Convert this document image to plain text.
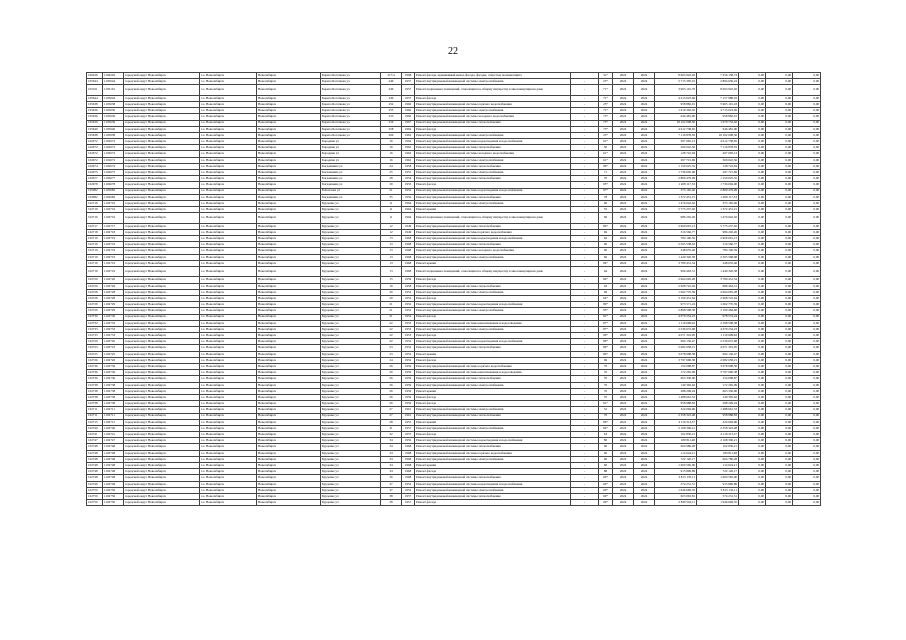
22
106226	1106226	городской округ Новосибирск	г.о. Новосибирск	Новосибирск	Бориса Богаткова ул	217/4	1998	Ремонт фасада, недвижимый выход фасада, фасады, отмостки, молниезащита		31*	2024	2024	8 663 922,02	7 256 138,73	0,00	0,00	0,00
105644	1105644	городской округ Новосибирск	г.о. Новосибирск	Новосибирск	Бориса Богаткова ул	249	1957	Ремонт внутридомовой инженерной системы электроснабжения	-	25*	2024	2024	5 715 395,91	2 894 636,24	0,00	0,00	0,00
105161	1105161	городской округ Новосибирск	г.о. Новосибирск	Новосибирск	Бориса Богаткова ул	249	1957	Ремонт подвальных помещений, относящихся к общему имуществу в многоквартирном доме	-	71*	2024	2024	3 963 191,79	8 663 922,02	0,00	0,00	0,00
105644	1105644	городской округ Новосибирск	г.о. Новосибирск	Новосибирск	Бориса Богаткова ул	249	1957	Ремонт фасада	-	71*	2024	2024	4 215 623,69	7 157 988,03	0,00	0,00	0,00
105638	1105638	городской округ Новосибирск	г.о. Новосибирск	Новосибирск	Бориса Богаткова ул	252	1960	Ремонт внутридомовой инженерной системы горячего водоснабжения	-	25*	2024	2024	958 882,91	5 965 191,18	0,00	0,00	0,00
105636	1105636	городской округ Новосибирск	г.о. Новосибирск	Новосибирск	Бориса Богаткова ул	253	1960	Ремонт внутридомовой инженерной системы электроснабжения	-	71*	2024	2024	1 619 302,02	4 715 623,69	0,00	0,00	0,00
105636	1105636	городской округ Новосибирск	г.о. Новосибирск	Новосибирск	Бориса Богаткова ул	253	1960	Ремонт внутридомовой инженерной системы холодного водоснабжения	-	73*	2024	2024	646 481,00	958 882,91	0,00	0,00	0,00
105639	1105639	городской округ Новосибирск	г.о. Новосибирск	Новосибирск	Бориса Богаткова ул	256	1967	Ремонт внутридомовой инженерной системы теплоснабжения	-	75*	2024	2024	18 162 008,56	1 079 732,02	0,00	0,00	0,00
105640	1105640	городской округ Новосибирск	г.о. Новосибирск	Новосибирск	Бориса Богаткова ул	258	1962	Ремонт фасада	-	73*	2024	2024	4 612 738,65	646 481,00	0,00	0,00	0,00
105638	1105638	городской округ Новосибирск	г.о. Новосибирск	Новосибирск	Бориса Богаткова ул	260	1962	Ремонт внутридомовой инженерной системы электроснабжения	-	25*	2024	2024	7 116 878,59	18 162 008,56	0,00	0,00	0,00
102672	1102672	городской округ Новосибирск	г.о. Новосибирск	Новосибирск	Бородина ул	16	1962	Ремонт внутридомовой инженерной системы водоотведения и водоснабжения	-	61*	2024	2024	297 665,13	4 612 738,65	0,00	0,00	0,00
102672	1102672	городской округ Новосибирск	г.о. Новосибирск	Новосибирск	Бородина ул	16	1962	Ремонт внутридомовой инженерной системы теплоснабжения	-	50	2024	2024	560 022,56	7 116 878,59	0,00	0,00	0,00
102672	1102672	городской округ Новосибирск	г.о. Новосибирск	Новосибирск	Бородина ул	16	1962	Ремонт внутридомовой инженерной системы холодного водоснабжения	-	61*	2024	2024	128 722,94	297 665,13	0,00	0,00	0,00
102672	1102672	городской округ Новосибирск	г.о. Новосибирск	Новосибирск	Бородина ул	16	1962	Ремонт внутридомовой инженерной системы электроснабжения	-	61*	2024	2024	297 715,69	560 022,56	0,00	0,00	0,00
102674	1102674	городской округ Новосибирск	г.о. Новосибирск	Новосибирск	Богдашкина ул	24	1958	Ремонт внутридомовой инженерной системы теплоснабжения	-	96*	2024	2024	1 150 625,55	128 722,94	0,00	0,00	0,00
102675	1102675	городской округ Новосибирск	г.о. Новосибирск	Новосибирск	Богдашкина ул	25	1955	Ремонт внутридомовой инженерной системы электроснабжения	-	71	2024	2024	1 736 005,00	297 715,69	0,00	0,00	0,00
102677	1102677	городской округ Новосибирск	г.о. Новосибирск	Новосибирск	Богдашкина ул	28	1954	Ремонт внутридомовой инженерной системы теплоснабжения	-	70	2024	2024	2 809 479,09	1 150 625,55	0,00	0,00	0,00
102678	1102678	городской округ Новосибирск	г.о. Новосибирск	Новосибирск	Богдашкина ул	30	1953	Ремонт фасада	-	95*	2024	2024	1 208 117,53	1 736 004,00	0,00	0,00	0,00
105082	1105082	городской округ Новосибирск	г.о. Новосибирск	Новосибирск	Бобохлова ул	21	1952	Ремонт внутридомовой инженерной системы водоотведения и водоснабжения	-	97*	2024	2024	373 165,46	2 809 479,09	0,00	0,00	0,00
102682	1102682	городской округ Новосибирск	г.о. Новосибирск	Новосибирск	Богдашкина ул	35	1950	Ремонт внутридомовой инженерной системы теплоснабжения	-	78	2024	2024	1 372 451,15	1 208 117,53	0,00	0,00	0,00
102716	1102716	городской округ Новосибирск	г.о. Новосибирск	Новосибирск	Бурденко ул	11	1964	Ремонт внутридомовой инженерной системы электроснабжения	-	60	2024	2024	1 476 042,02	373 165,46	0,00	0,00	0,00
102716	1102716	городской округ Новосибирск	г.о. Новосибирск	Новосибирск	Бурденко ул	11	1964	Ремонт крыши	-	55	2024	2024	5 775 237,92	1 372 451,15	0,00	0,00	0,00
102716	1102716	городской округ Новосибирск	г.о. Новосибирск	Новосибирск	Бурденко ул	11	1964	Ремонт подвальных помещений, относящихся к общему имуществу в многоквартирном доме	-	66	2024	2024	986 202,26	1 476 042,02	0,00	0,00	0,00
102717	1102717	городской округ Новосибирск	г.о. Новосибирск	Новосибирск	Бурденко ул	12	1949	Ремонт внутридомовой инженерной системы теплоснабжения	-	89*	2024	2024	2 909 091,13	5 775 237,92	0,00	0,00	0,00
102718	1102718	городской округ Новосибирск	г.о. Новосибирск	Новосибирск	Бурденко ул	12	1949	Ремонт внутридомовой инженерной системы горячего водоснабжения	-	69	2024	2024	316 566,77	986 202,26	0,00	0,00	0,00
102719	1102719	городской округ Новосибирск	г.о. Новосибирск	Новосибирск	Бурденко ул	13	1968	Ремонт внутридомовой инженерной системы водоотведения и водоснабжения	-	62	2024	2024	784 196,59	2 909 091,13	0,00	0,00	0,00
102719	1102719	городской округ Новосибирск	г.о. Новосибирск	Новосибирск	Бурденко ул	13	1968	Ремонт внутридомовой инженерной системы теплоснабжения	-	60	2024	2024	2 565 558,63	316 566,77	0,00	0,00	0,00
102719	1102719	городской округ Новосибирск	г.о. Новосибирск	Новосибирск	Бурденко ул	13	1968	Ремонт внутридомовой инженерной системы холодного водоснабжения	-	60	2024	2024	248 655,46	784 196,59	0,00	0,00	0,00
102719	1102719	городской округ Новосибирск	г.о. Новосибирск	Новосибирск	Бурденко ул	13	1968	Ремонт внутридомовой инженерной системы электроснабжения	-	60	2024	2024	1 440 326,58	2 565 568,68	0,00	0,00	0,00
102719	1102719	городской округ Новосибирск	г.о. Новосибирск	Новосибирск	Бурденко ул	13	1968	Ремонт крыши	-	84*	2024	2024	3 780 431,54	248 655,46	0,00	0,00	0,00
102719	1102719	городской округ Новосибирск	г.о. Новосибирск	Новосибирск	Бурденко ул	13	1968	Ремонт подвальных помещений, относящихся к общему имуществу в многоквартирном доме	-	64	2024	2024	996 463,51	1 440 326,58	0,00	0,00	0,00
102720	1102720	городской округ Новосибирск	г.о. Новосибирск	Новосибирск	Бурденко ул	15	1959	Ремонт фасада	-	84*	2024	2024	2 964 065,28	3 780 431,54	0,00	0,00	0,00
102726	1102726	городской округ Новосибирск	г.о. Новосибирск	Новосибирск	Бурденко ул	19	1958	Ремонт внутридомовой инженерной системы теплоснабжения	-	63	2024	2024	2 608 722,04	986 463,51	0,00	0,00	0,00
102728	1102728	городской округ Новосибирск	г.о. Новосибирск	Новосибирск	Бурденко ул	20	1952	Ремонт внутридомовой инженерной системы электроснабжения	-	69	2024	2024	1 062 770,59	2 964 065,28	0,00	0,00	0,00
102728	1102728	городской округ Новосибирск	г.о. Новосибирск	Новосибирск	Бурденко ул	20	1952	Ремонт фасада	-	64*	2024	2024	3 190 431,64	2 608 722,04	0,00	0,00	0,00
102729	1102729	городской округ Новосибирск	г.о. Новосибирск	Новосибирск	Бурденко ул	21	1952	Ремонт внутридомовой инженерной системы водоотведения и водоснабжения	-	89*	2024	2024	973 571,24	1 062 770,59	0,00	0,00	0,00
102729	1102729	городской округ Новосибирск	г.о. Новосибирск	Новосибирск	Бурденко ул	21	1952	Ремонт внутридомовой инженерной системы электроснабжения	-	95*	2024	2024	2 898 508,38	3 190 484,68	0,00	0,00	0,00
102730	1102730	городской округ Новосибирск	г.о. Новосибирск	Новосибирск	Бурденко ул	21	1952	Ремонт фасада	-	91*	2024	2024	4 079 254,23	978 574,24	0,00	0,00	0,00
102732	1102732	городской округ Новосибирск	г.о. Новосибирск	Новосибирск	Бурденко ул	22	1953	Ремонт внутридомовой инженерной системы канализования и водоотведения	-	87*	2024	2024	1 119 699,92	2 598 508,38	0,00	0,00	0,00
102733	1102733	городской округ Новосибирск	г.о. Новосибирск	Новосибирск	Бурденко ул	22	1953	Ремонт внутридомовой инженерной системы электроснабжения	-	87*	2024	2024	2 536 672,68	4 079 254,23	0,00	0,00	0,00
102733	1102733	городской округ Новосибирск	г.о. Новосибирск	Новосибирск	Бурденко ул	22	1953	Ремонт фасада	-	90*	2024	2024	4 071 319,95	1 119 699,92	0,00	0,00	0,00
102720	1102720	городской округ Новосибирск	г.о. Новосибирск	Новосибирск	Бурденко ул	22	1952	Ремонт внутридомовой инженерной системы водоотведения и водоснабжения	-	80*	2024	2024	694 136,47	2 536 672,68	0,00	0,00	0,00
102723	1102723	городской округ Новосибирск	г.о. Новосибирск	Новосибирск	Бурденко ул	23	1952	Ремонт внутридомовой инженерной системы теплоснабжения	-	89*	2024	2024	2 082 658,15	4 071 319,95	0,00	0,00	0,00
102725	1102725	городской округ Новосибирск	г.о. Новосибирск	Новосибирск	Бурденко ул	23	1952	Ремонт крыши	-	80*	2024	2024	3 078 998,58	694 136,47	0,00	0,00	0,00
102726	1102726	городской округ Новосибирск	г.о. Новосибирск	Новосибирск	Бурденко ул	24	1952	Ремонт фасада	-	69	2024	2024	3 797 696,38	2 082 658,15	0,00	0,00	0,00
102736	1102736	городской округ Новосибирск	г.о. Новосибирск	Новосибирск	Бурденко ул	26	1959	Ремонт внутридомовой инженерной системы горячего водоснабжения	-	70	2024	2024	154 098,87	3 078 998,58	0,00	0,00	0,00
102736	1102736	городской округ Новосибирск	г.о. Новосибирск	Новосибирск	Бурденко ул	26	1959	Ремонт внутридомовой инженерной системы канализования и водоотведения	-	70	2024	2024	172 265,09	3 797 696,38	0,00	0,00	0,00
102736	1102736	городской округ Новосибирск	г.о. Новосибирск	Новосибирск	Бурденко ул	26	1959	Ремонт внутридомовой инженерной системы теплоснабжения	-	70	2024	2024	663 336,90	154 098,87	0,00	0,00	0,00
102738	1102738	городской округ Новосибирск	г.о. Новосибирск	Новосибирск	Бурденко ул	26	1959	Ремонт внутридомовой инженерной системы электроснабжения	-	70	2024	2024	149 392,62	172 265,09	0,00	0,00	0,00
102738	1102738	городской округ Новосибирск	г.о. Новосибирск	Новосибирск	Бурденко ул	26	1959	Ремонт крыши	-	70	2024	2024	288 209,24	663 336,90	0,00	0,00	0,00
102738	1102738	городской округ Новосибирск	г.о. Новосибирск	Новосибирск	Бурденко ул	26	1959	Ремонт фасада	-	70	2024	2024	1 488 661,53	149 395,62	0,00	0,00	0,00
102738	1102738	городской округ Новосибирск	г.о. Новосибирск	Новосибирск	Бурденко ул	26	1959	Ремонт фасада	-	81*	2024	2024	958 988,83	288 209,24	0,00	0,00	0,00
102711	1102711	городской округ Новосибирск	г.о. Новосибирск	Новосибирск	Бурденко ул	27	1961	Ремонт внутридомовой инженерной системы электроснабжения	-	52	2024	2024	324 094,96	1 488 661,53	0,00	0,00	0,00
102711	1102711	городской округ Новосибирск	г.о. Новосибирск	Новосибирск	Бурденко ул	27	1961	Ремонт внутридомовой инженерной системы теплоснабжения	-	70	2024	2024	2 358 323,48	958 988,83	0,00	0,00	0,00
102715	1102715	городской округ Новосибирск	г.о. Новосибирск	Новосибирск	Бурденко ул	28	1955	Ремонт крыши	-	86*	2024	2024	4 119 313,37	324 094,96	0,00	0,00	0,00
102740	1102740	городской округ Новосибирск	г.о. Новосибирск	Новосибирск	Бурденко ул	31	1957	Ремонт внутридомовой инженерной системы электроснабжения	-	84*	2024	2024	2 168 306,21	2 358 323,48	0,00	0,00	0,00
102741	1102741	городской округ Новосибирск	г.о. Новосибирск	Новосибирск	Бурденко ул	32	1957	Ремонт фасада	-	63	2024	2024	162 836,21	4 119 313,37	0,00	0,00	0,00
102747	1102747	городской округ Новосибирск	г.о. Новосибирск	Новосибирск	Бурденко ул	34	1956	Ремонт внутридомовой инженерной системы водоотведения и водоснабжения	-	80	2024	2024	180 811,48	2 168 306,21	0,00	0,00	0,00
102748	1102748	городской округ Новосибирск	г.о. Новосибирск	Новосибирск	Бурденко ул	34	1968	Ремонт внутридомовой инженерной системы теплоснабжения	-	60	2024	2024	604 980,28	162 836,21	0,00	0,00	0,00
102748	1102748	городской округ Новосибирск	г.о. Новосибирск	Новосибирск	Бурденко ул	34	1968	Ремонт внутридомовой инженерной системы горячего водоснабжения	-	60	2024	2024	114 624,21	180 811,48	0,00	0,00	0,00
102748	1102748	городской округ Новосибирск	г.о. Новосибирск	Новосибирск	Бурденко ул	34	1968	Ремонт внутридомовой инженерной системы электроснабжения	-	60	2024	2024	722 120,17	604 780,28	0,00	0,00	0,00
102748	1102748	городской округ Новосибирск	г.о. Новосибирск	Новосибирск	Бурденко ул	34	1968	Ремонт крыши	-	60	2024	2024	1 600 565,00	114 624,21	0,00	0,00	0,00
102748	1102748	городской округ Новосибирск	г.о. Новосибирск	Новосибирск	Бурденко ул	34	1968	Ремонт фасада	-	88	2024	2024	915 899,89	722 120,17	0,00	0,00	0,00
102748	1102748	городской округ Новосибирск	г.о. Новосибирск	Новосибирск	Бурденко ул	36	1968	Ремонт внутридомовой инженерной системы теплоснабжения	-	60*	2024	2024	3 813 135,11	1 600 565,00	0,00	0,00	0,00
102749	1102749	городской округ Новосибирск	г.о. Новосибирск	Новосибирск	Бурденко ул	37	1952	Ремонт внутридомовой инженерной системы водоотведения и водоснабжения	-	60*	2024	2024	574 231,51	915 899,89	0,00	0,00	0,00
102750	1102750	городской округ Новосибирск	г.о. Новосибирск	Новосибирск	Бурденко ул	37	1952	Ремонт внутридомовой инженерной системы электроснабжения	-	60*	2024	2024	1 946 669,35	3 813 135,11	0,00	0,00	0,00
102750	1102750	городской округ Новосибирск	г.о. Новосибирск	Новосибирск	Бурденко ул	38	1957	Ремонт внутридомовой инженерной системы теплоснабжения	-	60*	2024	2024	603 063,81	574 231,51	0,00	0,00	0,00
102750	1102750	городской округ Новосибирск	г.о. Новосибирск	Новосибирск	Бурденко ул	38	1957	Ремонт фасада	-	60*	2024	2024	2 839 503,11	1 946 669,35	0,00	0,00	0,00
